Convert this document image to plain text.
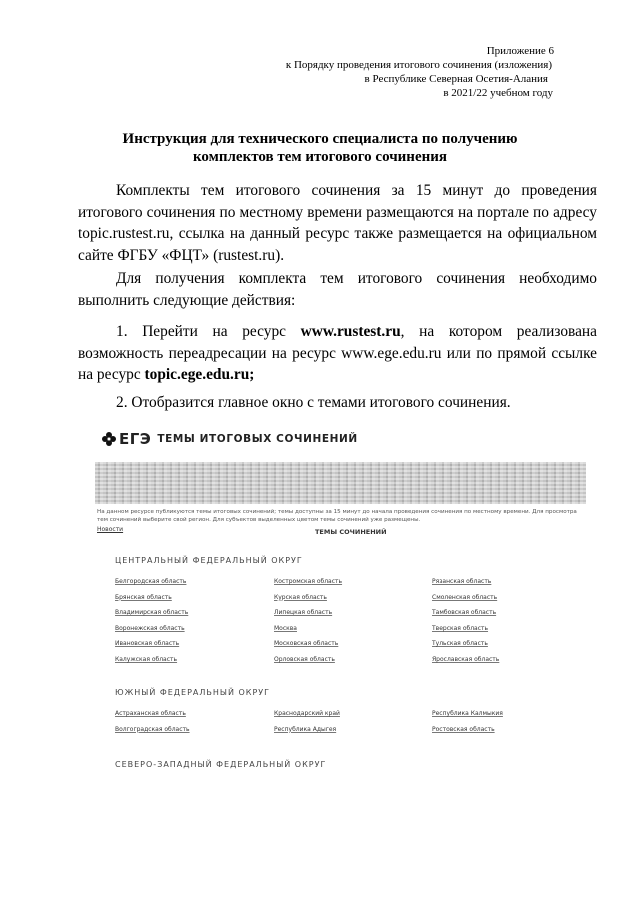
Приложение 6
к Порядку проведения итогового сочинения (изложения)
в Республике Северная Осетия-Алания
в 2021/22 учебном году
Инструкция для технического специалиста по получению
комплектов тем итогового сочинения
Комплекты тем итогового сочинения за 15 минут до проведения итогового сочинения по местному времени размещаются на портале по адресу topic.rustest.ru, ссылка на данный ресурс также размещается на официальном сайте ФГБУ «ФЦТ» (rustest.ru).
Для получения комплекта тем итогового сочинения необходимо выполнить следующие действия:
1. Перейти на ресурс www.rustest.ru, на котором реализована возможность переадресации на ресурс www.ege.edu.ru или по прямой ссылке на ресурс topic.ege.edu.ru;
2. Отобразится главное окно с темами итогового сочинения.
ЕГЭ ТЕМЫ ИТОГОВЫХ СОЧИНЕНИЙ
На данном ресурсе публикуются темы итоговых сочинений; темы доступны за 15 минут до начала проведения сочинения по местному времени. Для просмотра тем сочинений выберите свой регион. Для субъектов выделенных цветом темы сочинений уже размещены.
Новости	ТЕМЫ СОЧИНЕНИЙ
ЦЕНТРАЛЬНЫЙ ФЕДЕРАЛЬНЫЙ ОКРУГ
Белгородская область	Костромская область	Рязанская область
Брянская область	Курская область	Смоленская область
Владимирская область	Липецкая область	Тамбовская область
Воронежская область	Москва	Тверская область
Ивановская область	Московская область	Тульская область
Калужская область	Орловская область	Ярославская область
ЮЖНЫЙ ФЕДЕРАЛЬНЫЙ ОКРУГ
Астраханская область	Краснодарский край	Республика Калмыкия
Волгоградская область	Республика Адыгея	Ростовская область
СЕВЕРО-ЗАПАДНЫЙ ФЕДЕРАЛЬНЫЙ ОКРУГ
